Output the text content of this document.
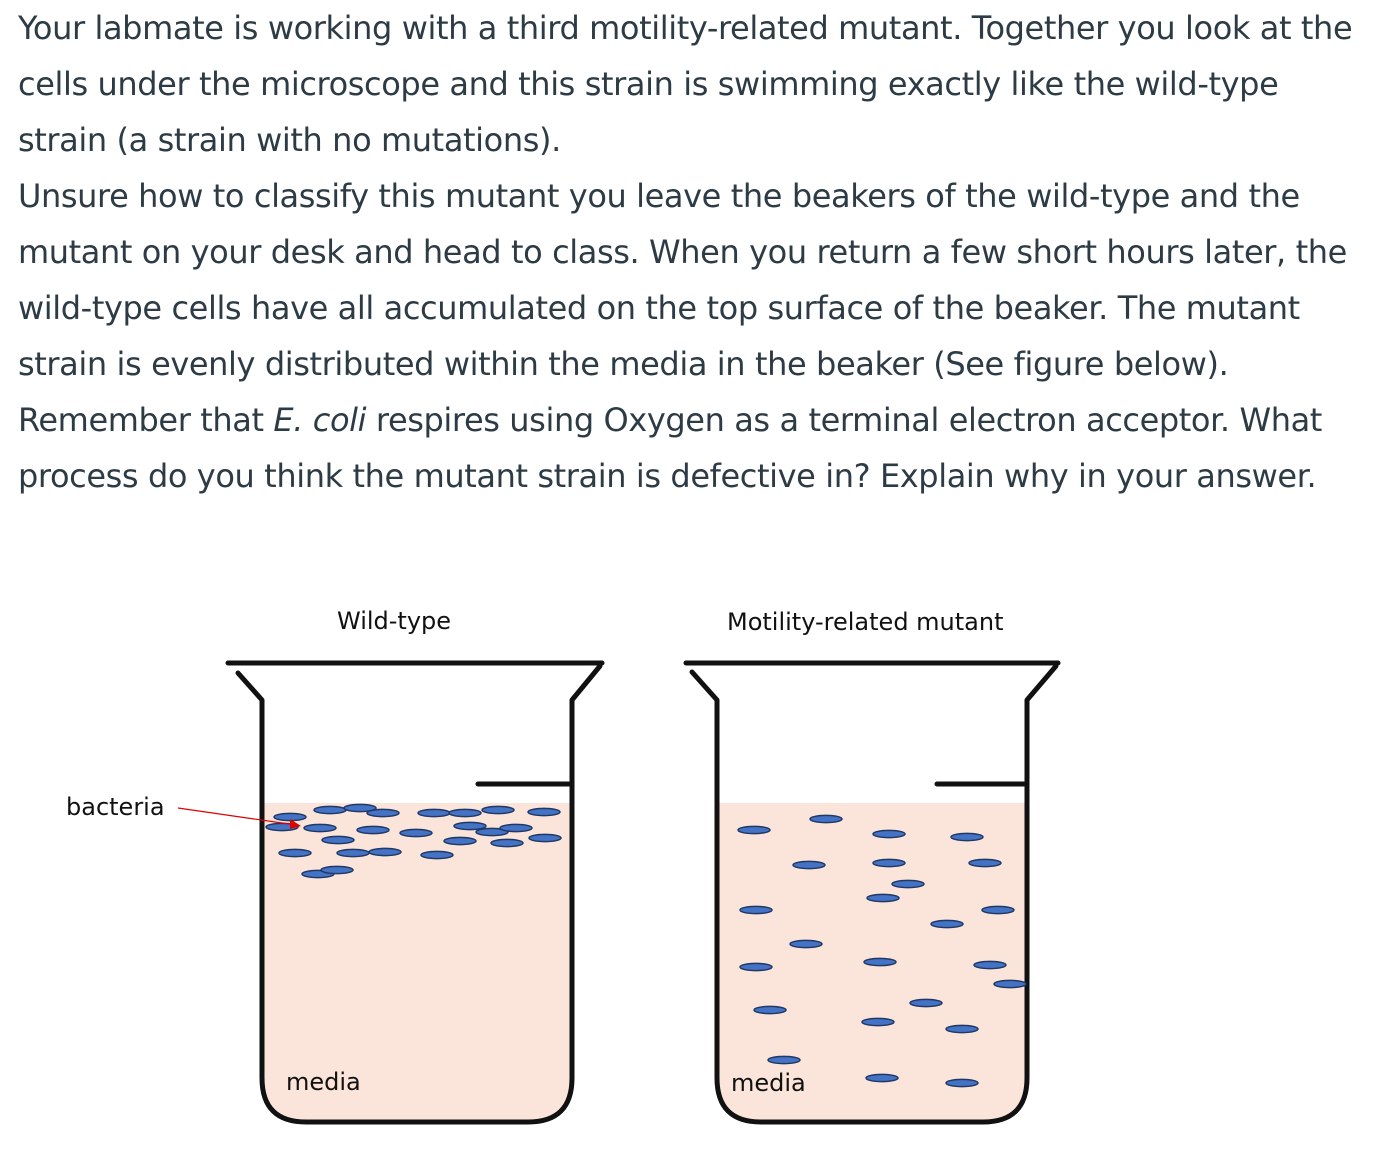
Your labmate is working with a third motility-related mutant. Together you look at the cells under the microscope and this strain is swimming exactly like the wild-type strain (a strain with no mutations).

Unsure how to classify this mutant you leave the beakers of the wild-type and the mutant on your desk and head to class. When you return a few short hours later, the wild-type cells have all accumulated on the top surface of the beaker. The mutant strain is evenly distributed within the media in the beaker (See figure below). Remember that E. coli respires using Oxygen as a terminal electron acceptor. What process do you think the mutant strain is defective in? Explain why in your answer.

Wild-type	Motility-related mutant
bacteria
media	media
